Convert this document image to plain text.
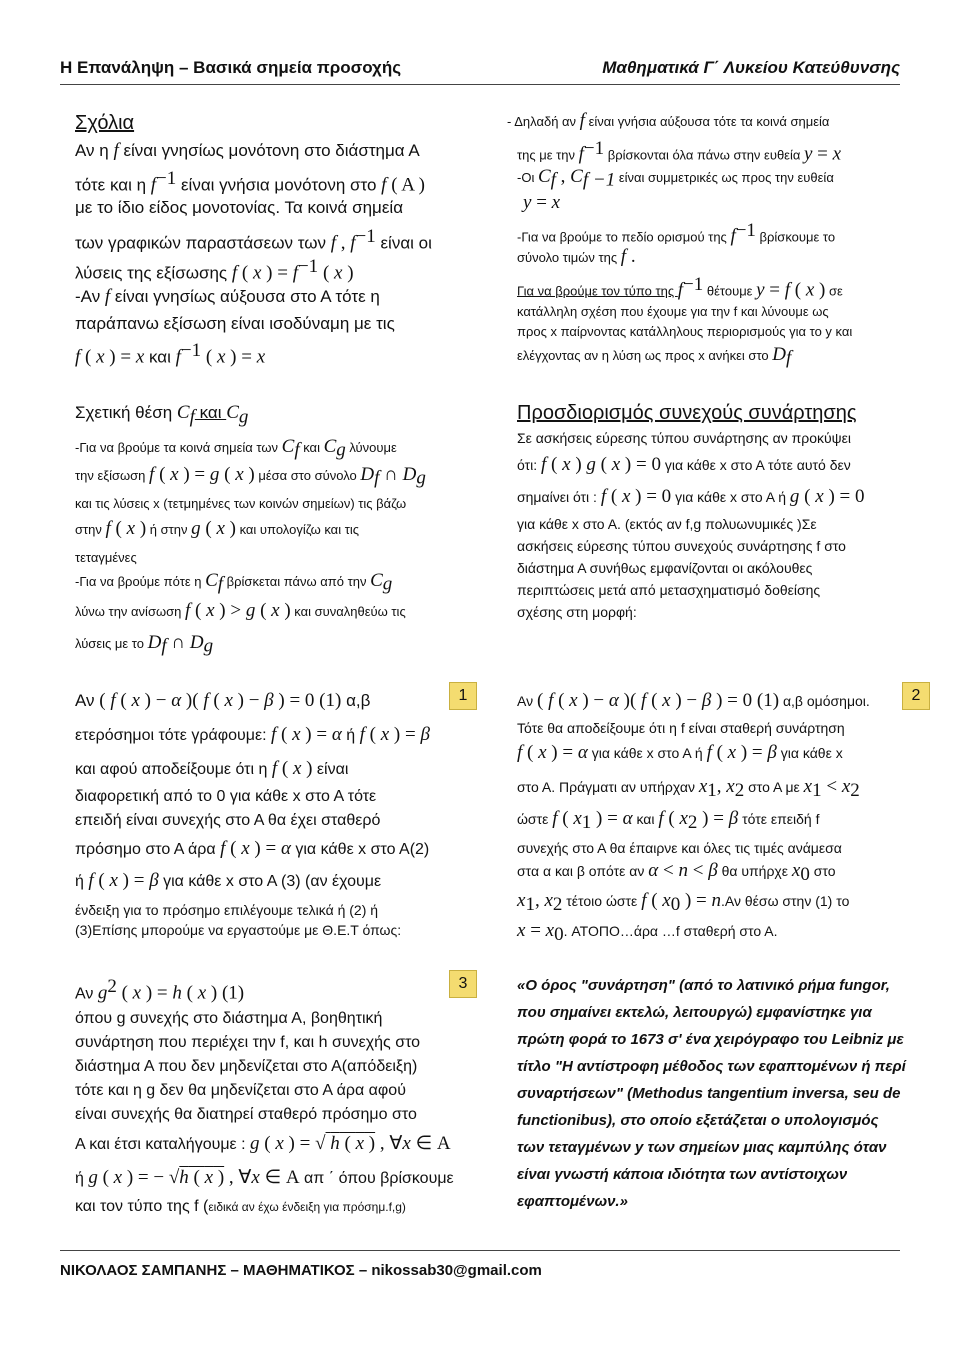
Η Επανάληψη – Βασικά σημεία προσοχής	Μαθηματικά Γ΄ Λυκείου Κατεύθυνσης
Σχόλια
Αν η f είναι γνησίως μονότονη στο διάστημα Α
τότε και η $f^{-1}$ είναι γνήσια μονότονη στο f ( A )
με το ίδιο είδος μονοτονίας. Τα κοινά σημεία
των γραφικών παραστάσεων των f , $f^{-1}$ είναι οι
λύσεις της εξίσωσης f ( x ) = $f^{-1}$ ( x )
-Αν f είναι γνησίως αύξουσα στο Α τότε η
παράπανω εξίσωση είναι ισοδύναμη με τις
f ( x ) = x και $f^{-1}$ ( x ) = x
- Δηλαδή αν f είναι γνήσια αύξουσα τότε τα κοινά σημεία
της με την $f^{-1}$ βρίσκονται όλα πάνω στην ευθεία y = x
-Οι $C_f$ , $C_{f -1}$ είναι συμμετρικές ως προς την ευθεία
y = x
-Για να βρούμε το πεδίο ορισμού της $f^{-1}$ βρίσκουμε το
σύνολο τιμών της f .
Για να βρούμε τον τύπο της $f^{-1}$ θέτουμε y = f ( x ) σε
κατάλληλη σχέση που έχουμε για την f και λύνουμε ως
προς x παίρνοντας κατάλληλους περιορισμούς για το y και
ελέγχοντας αν η λύση ως προς x ανήκει στο $D_f$
Σχετική θέση $C_f$ και $C_g$
-Για να βρούμε τα κοινά σημεία των $C_f$ και $C_g$ λύνουμε
την εξίσωση f ( x ) = g ( x ) μέσα στο σύνολο $D_f$ ∩ $D_g$
και τις λύσεις x (τετμημένες των κοινών σημείων) τις βάζω
στην f ( x ) ή στην g ( x ) και υπολογίζω και τις
τεταγμένες
-Για να βρούμε πότε η $C_f$ βρίσκεται πάνω από την $C_g$
λύνω την ανίσωση f ( x ) > g ( x ) και συναληθεύω τις
λύσεις με το $D_f$ ∩ $D_g$
Προσδιορισμός συνεχούς συνάρτησης
Σε ασκήσεις εύρεσης τύπου συνάρτησης αν προκύψει
ότι: f ( x ) g ( x ) = 0 για κάθε x στο Α τότε αυτό δεν
σημαίνει ότι : f ( x ) = 0 για κάθε x στο Α ή g ( x ) = 0
για κάθε x στο Α. (εκτός αν f,g πολυωνυμικές )Σε
ασκήσεις εύρεσης τύπου συνεχούς συνάρτησης f στο
διάστημα Α συνήθως εμφανίζονται οι ακόλουθες
περιπτώσεις μετά από μετασχηματισμό δοθείσης
σχέσης στη μορφή:
1
Αν ( f ( x ) − α )( f ( x ) − β ) = 0 (1) α,β
ετερόσημοι τότε γράφουμε: f ( x ) = α ή f ( x ) = β
και αφού αποδείξουμε ότι η f ( x ) είναι
διαφορετική από το 0 για κάθε x στο Α τότε
επειδή είναι συνεχής στο Α θα έχει σταθερό
πρόσημο στο Α άρα f ( x ) = α για κάθε x στο Α(2)
ή f ( x ) = β για κάθε x στο Α (3) (αν έχουμε
ένδειξη για το πρόσημο επιλέγουμε τελικά ή (2) ή
(3)Επίσης μπορούμε να εργαστούμε με Θ.Ε.Τ όπως:
2
Αν ( f ( x ) − α )( f ( x ) − β ) = 0 (1) α,β ομόσημοι.
Τότε θα αποδείξουμε ότι η f είναι σταθερή συνάρτηση
f ( x ) = α για κάθε x στο Α ή f ( x ) = β για κάθε x
στο Α. Πράγματι αν υπήρχαν $x_1$, $x_2$ στο Α με $x_1 < x_2$
ώστε f ( $x_1$ ) = α και f ( $x_2$ ) = β τότε επειδή f
συνεχής στο Α θα έπαιρνε και όλες τις τιμές ανάμεσα
στα α και β οπότε αν α < n < β θα υπήρχε $x_0$ στο
$x_1$, $x_2$ τέτοιο ώστε f ( $x_0$ ) = n.Αν θέσω στην (1) το
$x = x_0$. ΑΤΟΠΟ…άρα …f σταθερή στο Α.
3
Αν $g^2$ ( x ) = h ( x ) (1)
όπου g συνεχής στο διάστημα Α, βοηθητική
συνάρτηση που περιέχει την f, και h συνεχής στο
διάστημα Α που δεν μηδενίζεται στο Α(απόδειξη)
τότε και η g δεν θα μηδενίζεται στο Α άρα αφού
είναι συνεχής θα διατηρεί σταθερό πρόσημο στο
Α και έτσι καταλήγουμε : g ( x ) = √ h ( $\overline{x}$ ) , ∀x ∈ Α
ή g ( x ) = − √h ( $\overline{x}$ ) , ∀x ∈ Α απ ΄ όπου βρίσκουμε
και τον τύπο της f (ειδικά αν έχω ένδειξη για πρόσημ.f,g)
«Ο όρος "συνάρτηση" (από το λατινικό ρήμα fungor, που σημαίνει εκτελώ, λειτουργώ) εμφανίστηκε για πρώτη φορά το 1673 σ' ένα χειρόγραφο του Leibniz με τίτλο "Η αντίστροφη μέθοδος των εφαπτομένων ή περί συναρτήσεων" (Methodus tangentium inversa, seu de functionibus), στο οποίο εξετάζεται ο υπολογισμός των τεταγμένων y των σημείων μιας καμπύλης όταν είναι γνωστή κάποια ιδιότητα των αντίστοιχων εφαπτομένων.»
ΝΙΚΟΛΑΟΣ ΣΑΜΠΑΝΗΣ – ΜΑΘΗΜΑΤΙΚΟΣ – nikossab30@gmail.com
